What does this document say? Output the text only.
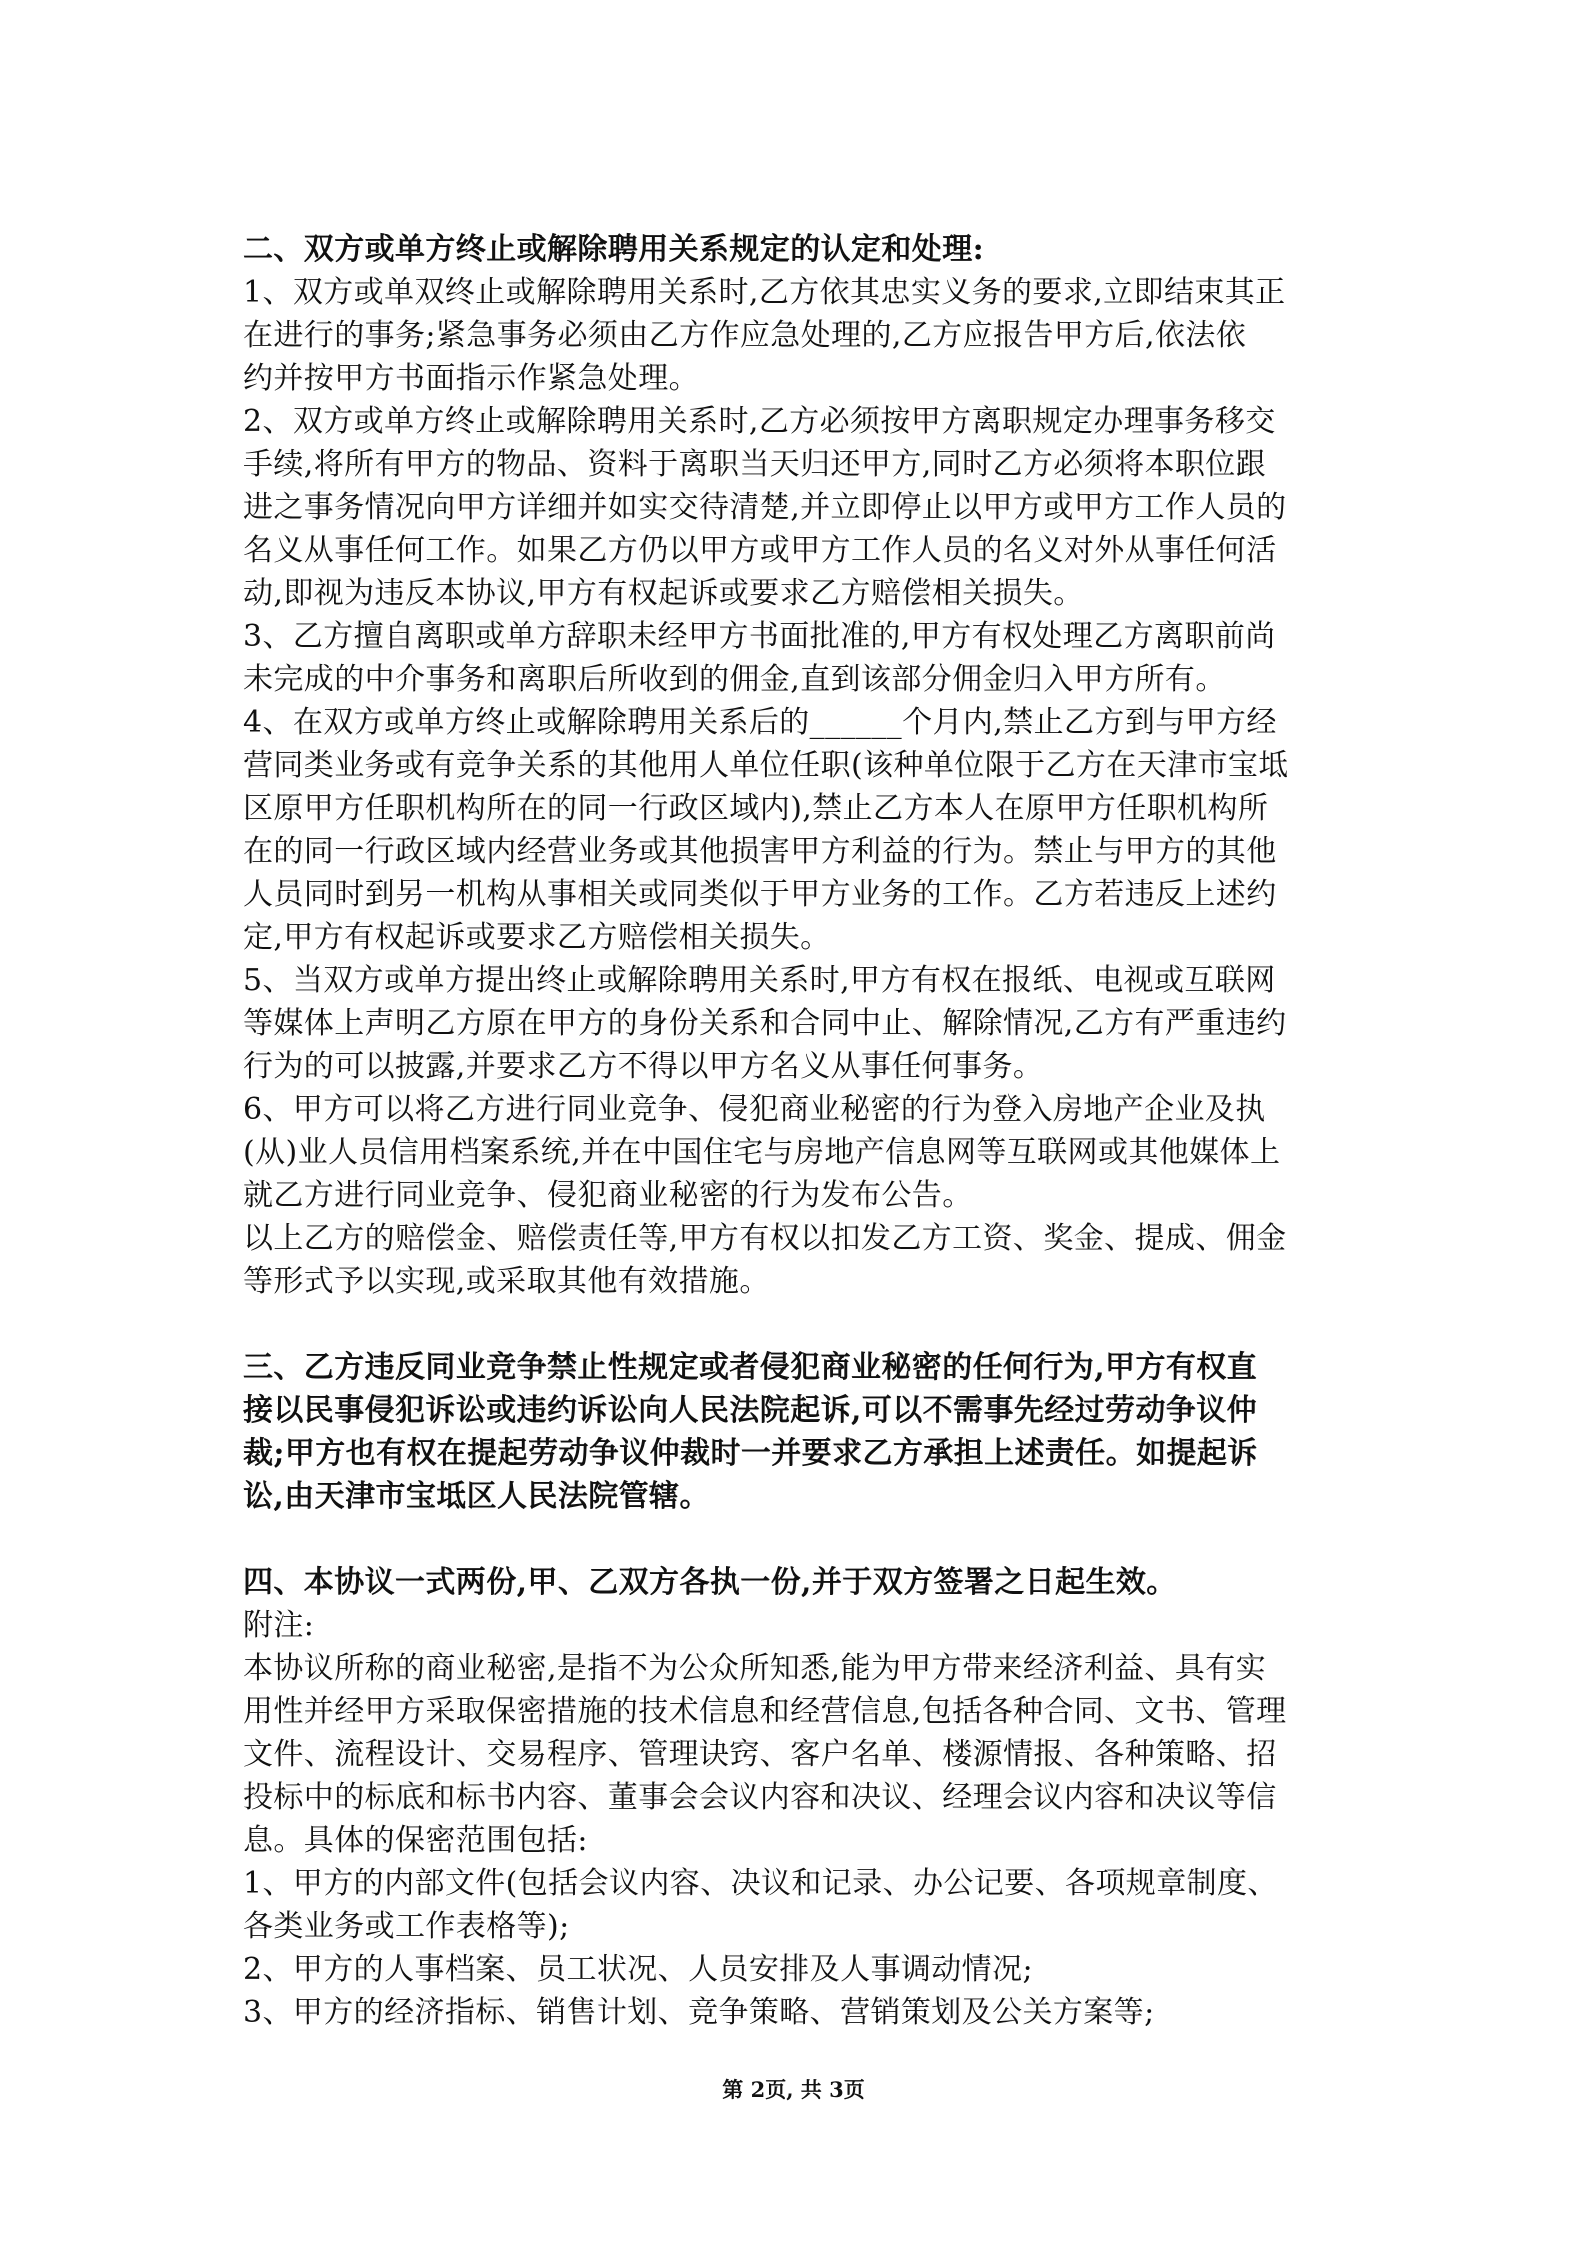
二、双方或单方终止或解除聘用关系规定的认定和处理:
1、双方或单双终止或解除聘用关系时,乙方依其忠实义务的要求,立即结束其正
在进行的事务;紧急事务必须由乙方作应急处理的,乙方应报告甲方后,依法依
约并按甲方书面指示作紧急处理。
2、双方或单方终止或解除聘用关系时,乙方必须按甲方离职规定办理事务移交
手续,将所有甲方的物品、资料于离职当天归还甲方,同时乙方必须将本职位跟
进之事务情况向甲方详细并如实交待清楚,并立即停止以甲方或甲方工作人员的
名义从事任何工作。如果乙方仍以甲方或甲方工作人员的名义对外从事任何活
动,即视为违反本协议,甲方有权起诉或要求乙方赔偿相关损失。
3、乙方擅自离职或单方辞职未经甲方书面批准的,甲方有权处理乙方离职前尚
未完成的中介事务和离职后所收到的佣金,直到该部分佣金归入甲方所有。
4、在双方或单方终止或解除聘用关系后的______个月内,禁止乙方到与甲方经
营同类业务或有竞争关系的其他用人单位任职(该种单位限于乙方在天津市宝坻
区原甲方任职机构所在的同一行政区域内),禁止乙方本人在原甲方任职机构所
在的同一行政区域内经营业务或其他损害甲方利益的行为。禁止与甲方的其他
人员同时到另一机构从事相关或同类似于甲方业务的工作。乙方若违反上述约
定,甲方有权起诉或要求乙方赔偿相关损失。
5、当双方或单方提出终止或解除聘用关系时,甲方有权在报纸、电视或互联网
等媒体上声明乙方原在甲方的身份关系和合同中止、解除情况,乙方有严重违约
行为的可以披露,并要求乙方不得以甲方名义从事任何事务。
6、甲方可以将乙方进行同业竞争、侵犯商业秘密的行为登入房地产企业及执
(从)业人员信用档案系统,并在中国住宅与房地产信息网等互联网或其他媒体上
就乙方进行同业竞争、侵犯商业秘密的行为发布公告。
以上乙方的赔偿金、赔偿责任等,甲方有权以扣发乙方工资、奖金、提成、佣金
等形式予以实现,或采取其他有效措施。
三、乙方违反同业竞争禁止性规定或者侵犯商业秘密的任何行为,甲方有权直
接以民事侵犯诉讼或违约诉讼向人民法院起诉,可以不需事先经过劳动争议仲
裁;甲方也有权在提起劳动争议仲裁时一并要求乙方承担上述责任。如提起诉
讼,由天津市宝坻区人民法院管辖。
四、本协议一式两份,甲、乙双方各执一份,并于双方签署之日起生效。
附注:
本协议所称的商业秘密,是指不为公众所知悉,能为甲方带来经济利益、具有实
用性并经甲方采取保密措施的技术信息和经营信息,包括各种合同、文书、管理
文件、流程设计、交易程序、管理诀窍、客户名单、楼源情报、各种策略、招
投标中的标底和标书内容、董事会会议内容和决议、经理会议内容和决议等信
息。具体的保密范围包括:
1、甲方的内部文件(包括会议内容、决议和记录、办公记要、各项规章制度、
各类业务或工作表格等);
2、甲方的人事档案、员工状况、人员安排及人事调动情况;
3、甲方的经济指标、销售计划、竞争策略、营销策划及公关方案等;
第 2页, 共 3页
